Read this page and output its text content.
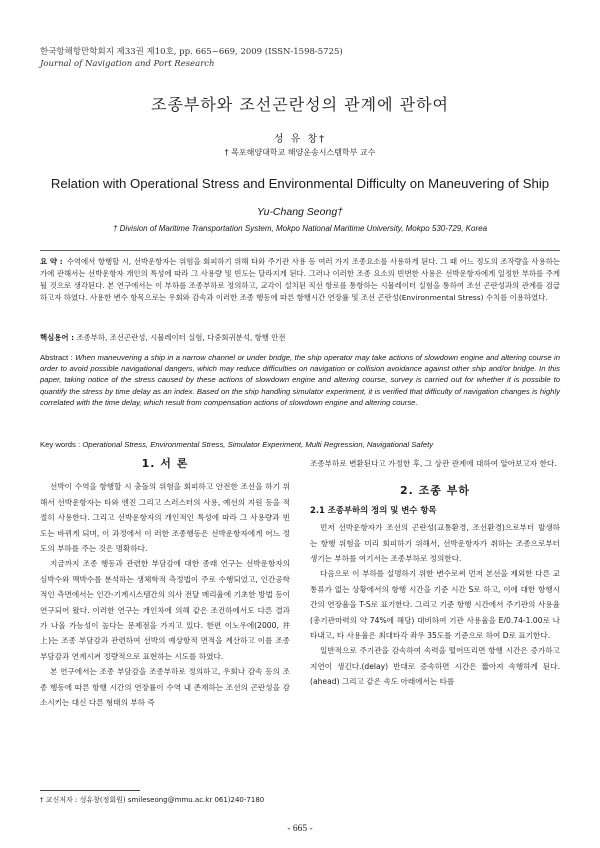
한국항해항만학회지 제33권 제10호, pp. 665~669, 2009 (ISSN-1598-5725)
Journal of Navigation and Port Research
조종부하와 조선곤란성의 관계에 관하여
성 유 창†
† 목포해양대학교 해양운송시스템학부 교수
Relation with Operational Stress and Environmental Difficulty on Maneuvering of Ship
Yu-Chang Seong†
† Division of Maritime Transportation System, Mokpo National Maritime University, Mokpo 530-729, Korea
요 약 : 수역에서 항행할 시, 선박운항자는 위험을 회피하기 위해 타와 주기관 사용 등 여러 가지 조종요소를 사용하게 된다. 그 때 어느 정도의 조작량을 사용하는 가에 관해서는 선박운항자 개인의 특성에 따라 그 사용량 및 빈도는 달라지게 된다. 그러나 이러한 조종 요소의 빈번한 사용은 선박운항자에게 일정한 부하를 주게 될 것으로 생각된다. 본 연구에서는 이 부하를 조종부하로 정의하고, 교각이 설치된 직선 항로를 통항하는 시뮬레이터 실험을 통하여 조선 곤란성과의 관계를 검급하고자 하였다. 사용한 변수 항목으로는 우회와 감속과 이러한 조종 행동에 따른 항행시간 연장률 및 조선 곤란성(Environmental Stress) 수치를 이용하였다.
핵심용어 : 조종부하, 조선곤란성, 시뮬레이터 실험, 다중회귀분석, 항행 안전
Abstract : When maneuvering a ship in a narrow channel or under bridge, the ship operator may take actions of slowdown engine and altering course in order to avoid possible navigational dangers, which may reduce difficulties on navigation or collision avoidance against other ship and/or bridge. In this paper, taking notice of the stress caused by these actions of slowdown engine and altering course, survey is carried out for whether it is possible to quantify the stress by time delay as an index. Based on the ship handling simulator experiment, it is verified that difficulty of navigation changes is highly correlated with the time delay, which result from compensation actions of slowdown engine and altering course.
Key words : Operational Stress, Environmental Stress, Simulator Experiment, Multi Regression, Navigational Safety
1. 서 론

선박이 수역을 항행할 시 충돌의 위험을 회피하고 안전한 조선을 하기 위해서 선박운항자는 타와 엔진 그리고 스러스터의 사용, 예선의 지원 등을 적절히 사용한다. 그리고 선박운항자의 개인적인 특성에 따라 그 사용량과 빈도는 바뀌게 되며, 이 과정에서 이 러한 조종행동은 선박운항자에게 어느 정도의 부하를 주는 것은 명확하다.

지금까지 조종 행동과 관련한 부담감에 대한 종래 연구는 선박운항자의 심박수와 맥박수를 분석하는 생체학적 측정법이 주로 수행되었고, 인간공학적인 측면에서는 인간-기계시스템간의 의사 전달 메리율에 기초한 방법 등이 연구되어 왔다. 이러한 연구는 개인차에 의해 같은 조건하에서도 다른 결과가 나올 가능성이 높다는 문제점을 가지고 있다. 한편 이노우에(2000, 井上)는 조종 부담감과 관련하여 선박의 예상항적 면적을 계산하고 이를 조종부담감과 연계시켜 정량적으로 표현하는 시도를 하였다.

본 연구에서는 조종 부담감을 조종부하로 정의하고, 우회나 감속 등의 조종 행동에 따른 항행 시간의 연장률이 수역 내 존재하는 조선의 곤란성을 감소시키는 대신 다른 형태의 부하 즉

조종부하로 변환된다고 가정한 후, 그 상관 관계에 대하여 알아보고자 한다.

2. 조종 부하
2.1 조종부하의 정의 및 변수 항목

먼저 선박운항자가 조선의 곤란성(교통환경, 조선환경)으로부터 발생하는 항행 위험을 미리 회피하기 위해서, 선박운항자가 취하는 조종으로부터 생기는 부하를 여기서는 조종부하로 정의한다.

다음으로 이 부하를 설명하기 위한 변수로써 먼저 본선을 제외한 다른 교통류가 없는 상황에서의 항행 시간을 기준 시간 S로 하고, 이에 대한 항행시간의 연장율을 T-S로 표기한다. 그리고 기준 항행 시간에서 주기관의 사용율(총기관마력의 약 74%에 해당) 대비하여 기관 사용율을 E/0.74-1.00로 나타내고, 타 사용율은 최대타각 좌우 35도를 기준으로 하여 D로 표기한다.

일반적으로 주기관을 감속하여 속력을 떨어뜨리면 항행 시간은 증가하고 지연이 생긴다.(delay) 반대로 증속하면 시간은 짧아져 속행하게 된다.(ahead) 그리고 같은 속도 아래에서는 타를

† 교신저자 : 성유창(정회원) smileseong@mmu.ac.kr 061)240-7180
- 665 -
